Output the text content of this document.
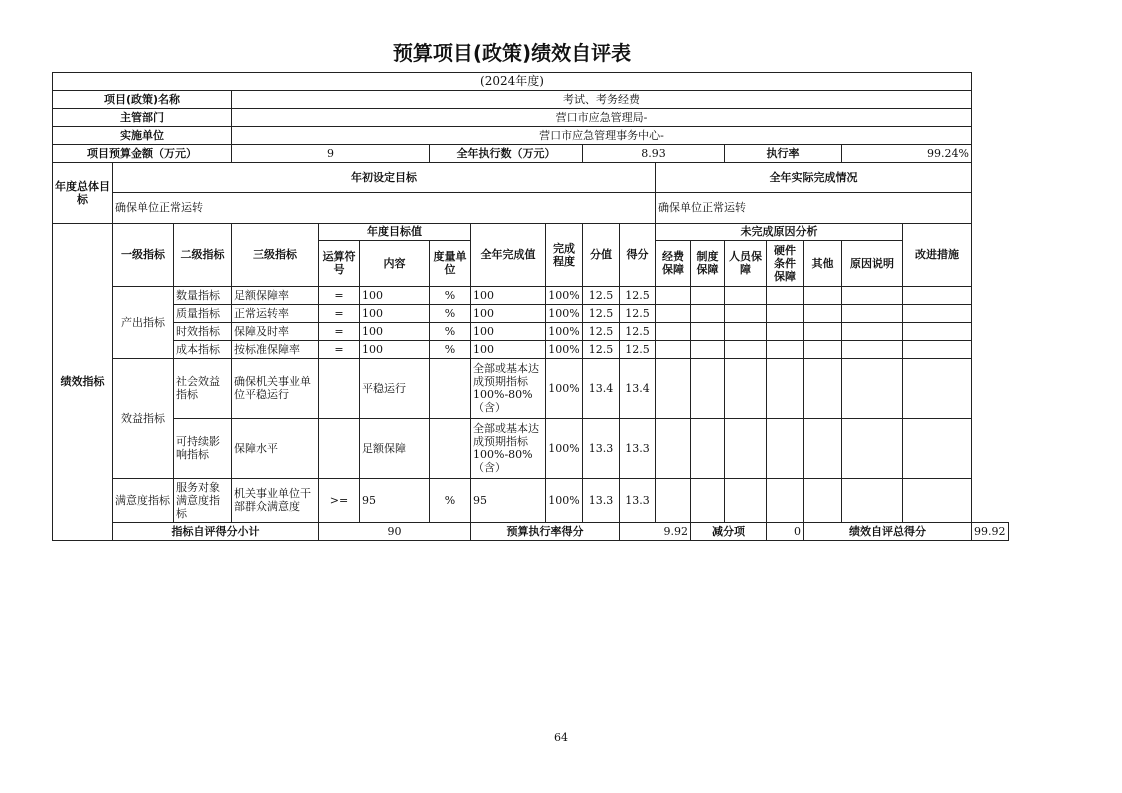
预算项目(政策)绩效自评表																		
(2024年度)																		
项目(政策)名称			考试、考务经费															
主管部门			营口市应急管理局-															
实施单位			营口市应急管理事务中心-															
项目预算金额（万元）			9			全年执行数（万元）			8.93				执行率			99.24%		
年度总体目标	年初设定目标										全年实际完成情况							
	确保单位正常运转										确保单位正常运转							
绩效指标	一级指标	二级指标	三级指标	年度目标值			全年完成值	完成程度	分值	得分	未完成原因分析						改进措施	
				运算符号	内容	度量单位					经费保障	制度保障	人员保障	硬件条件保障	其他	原因说明		
	产出指标	数量指标	足额保障率	=	100	%	100	100%	12.5	12.5								
		质量指标	正常运转率	=	100	%	100	100%	12.5	12.5								
		时效指标	保障及时率	=	100	%	100	100%	12.5	12.5								
		成本指标	按标准保障率	=	100	%	100	100%	12.5	12.5								
	效益指标	社会效益指标	确保机关事业单位平稳运行		平稳运行		全部或基本达成预期指标100%-80%（含）	100%	13.4	13.4								
		可持续影响指标	保障水平		足额保障		全部或基本达成预期指标100%-80%（含）	100%	13.3	13.3								
	满意度指标	服务对象满意度指标	机关事业单位干部群众满意度	>=	95	%	95	100%	13.3	13.3								
	指标自评得分小计			90			预算执行率得分			9.92		减分项		0	绩效自评总得分			99.92
64
